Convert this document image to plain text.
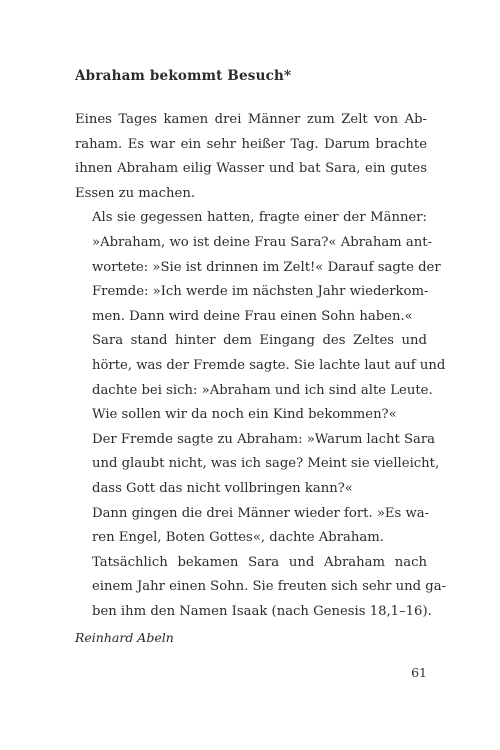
Abraham bekommt Besuch*
Eines Tages kamen drei Männer zum Zelt von Ab-
raham. Es war ein sehr heißer Tag. Darum brachte
ihnen Abraham eilig Wasser und bat Sara, ein gutes
Essen zu machen.
Als sie gegessen hatten, fragte einer der Männer:
»Abraham, wo ist deine Frau Sara?« Abraham ant-
wortete: »Sie ist drinnen im Zelt!« Darauf sagte der
Fremde: »Ich werde im nächsten Jahr wiederkom-
men. Dann wird deine Frau einen Sohn haben.«
Sara stand hinter dem Eingang des Zeltes und
hörte, was der Fremde sagte. Sie lachte laut auf und
dachte bei sich: »Abraham und ich sind alte Leute.
Wie sollen wir da noch ein Kind bekommen?«
Der Fremde sagte zu Abraham: »Warum lacht Sara
und glaubt nicht, was ich sage? Meint sie vielleicht,
dass Gott das nicht vollbringen kann?«
Dann gingen die drei Männer wieder fort. »Es wa-
ren Engel, Boten Gottes«, dachte Abraham.
Tatsächlich bekamen Sara und Abraham nach
einem Jahr einen Sohn. Sie freuten sich sehr und ga-
ben ihm den Namen Isaak (nach Genesis 18,1–16).
Reinhard Abeln
61
